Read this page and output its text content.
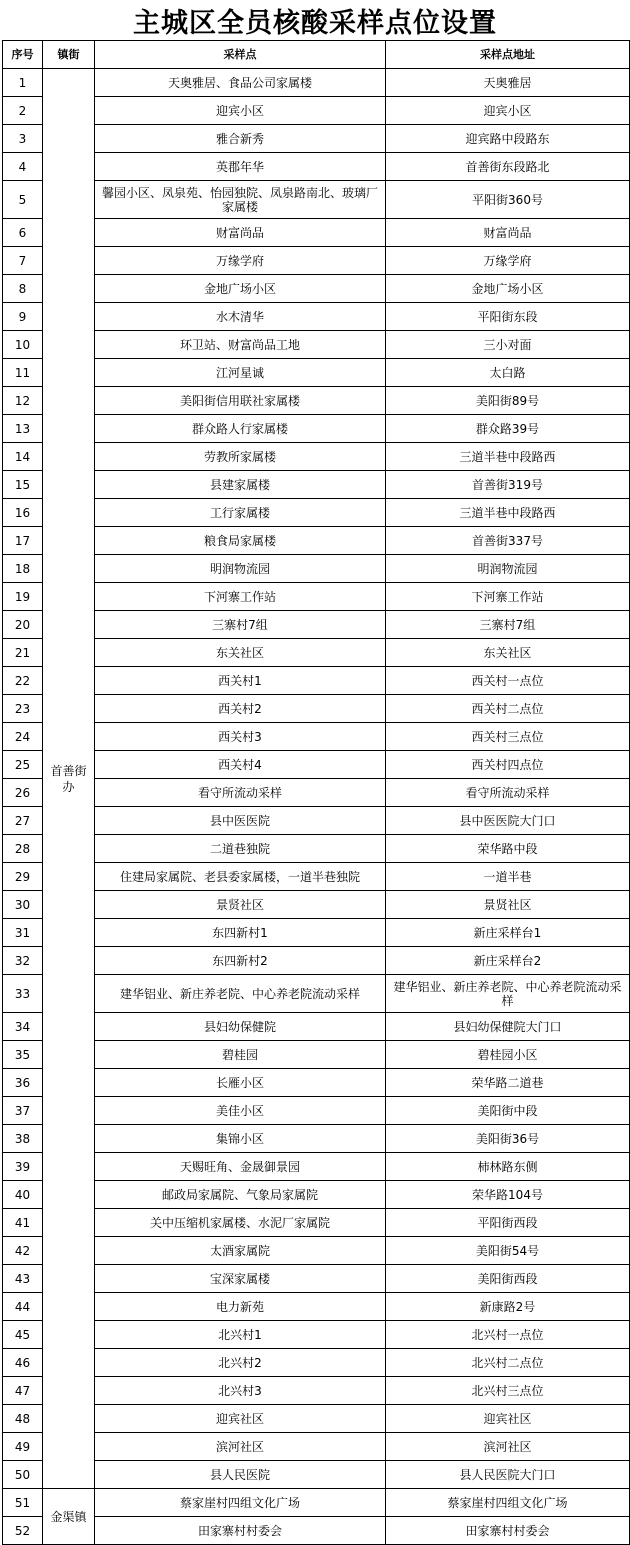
主城区全员核酸采样点位设置
序号	镇街	采样点	采样点地址
1	首善街办	天奥雅居、食品公司家属楼	天奥雅居
2		迎宾小区	迎宾小区
3		雅合新秀	迎宾路中段路东
4		英郡年华	首善街东段路北
5		馨园小区、凤泉苑、怡园独院、凤泉路南北、玻璃厂家属楼	平阳街360号
6		财富尚品	财富尚品
7		万缘学府	万缘学府
8		金地广场小区	金地广场小区
9		水木清华	平阳街东段
10		环卫站、财富尚品工地	三小对面
11		江河星诚	太白路
12		美阳街信用联社家属楼	美阳街89号
13		群众路人行家属楼	群众路39号
14		劳教所家属楼	三道半巷中段路西
15		县建家属楼	首善街319号
16		工行家属楼	三道半巷中段路西
17		粮食局家属楼	首善街337号
18		明润物流园	明润物流园
19		下河寨工作站	下河寨工作站
20		三寨村7组	三寨村7组
21		东关社区	东关社区
22		西关村1	西关村一点位
23		西关村2	西关村二点位
24		西关村3	西关村三点位
25		西关村4	西关村四点位
26		看守所流动采样	看守所流动采样
27		县中医医院	县中医医院大门口
28		二道巷独院	荣华路中段
29		住建局家属院、老县委家属楼，一道半巷独院	一道半巷
30		景贤社区	景贤社区
31		东四新村1	新庄采样台1
32		东四新村2	新庄采样台2
33		建华铝业、新庄养老院、中心养老院流动采样	建华铝业、新庄养老院、中心养老院流动采样
34		县妇幼保健院	县妇幼保健院大门口
35		碧桂园	碧桂园小区
36		长雁小区	荣华路二道巷
37		美佳小区	美阳街中段
38		集锦小区	美阳街36号
39		天赐旺角、金晟御景园	柿林路东侧
40		邮政局家属院、气象局家属院	荣华路104号
41		关中压缩机家属楼、水泥厂家属院	平阳街西段
42		太酒家属院	美阳街54号
43		宝深家属楼	美阳街西段
44		电力新苑	新康路2号
45		北兴村1	北兴村一点位
46		北兴村2	北兴村二点位
47		北兴村3	北兴村三点位
48		迎宾社区	迎宾社区
49		滨河社区	滨河社区
50		县人民医院	县人民医院大门口
51	金渠镇	蔡家崖村四组文化广场	蔡家崖村四组文化广场
52		田家寨村村委会	田家寨村村委会
